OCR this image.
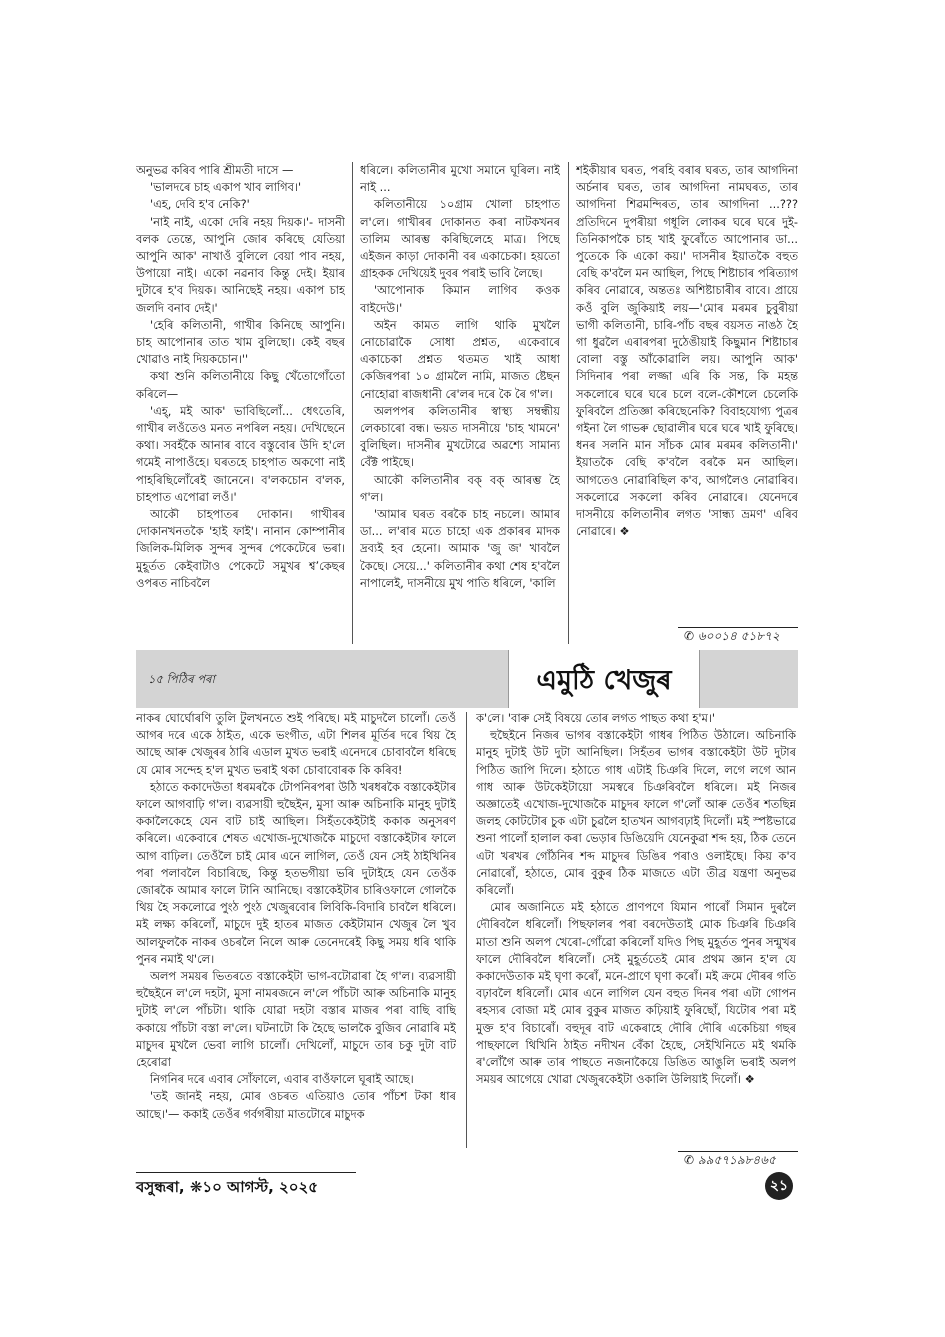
অনুভৱ কৰিব পাৰি শ্ৰীমতী দাসে —

'ভালদৰে চাহ একাপ খাব লাগিব।'

'এহ, দেবি হ'ব নেকি?'

'নাই নাই, একো দেৰি নহয় দিয়ক।'- দাসনী বলক তেন্তে, আপুনি জোৰ কৰিছে যেতিয়া আপুনি আক' নাখাওঁ বুলিলে বেয়া পাব নহয়, উপায়ো নাই। একো নৱনাব কিন্তু দেই। ইয়াৰ দুটাৰে হ'ব দিয়ক। আনিছেই নহয়। একাপ চাহ জলদি বনাব দেই।'

'হেৰি কলিতানী, গাখীৰ কিনিছে আপুনি। চাহ আপোনাৰ তাত খাম বুলিছো। কেই বছৰ খোৱাও নাই দিয়কচোন।''

কথা শুনি কলিতানীয়ে কিছু খেঁতোগোঁতো কৰিলে—

'এহ্, মই আক' ভাবিছিলোঁ... ধেৎতেৰি, গাখীৰ লওঁতেও মনত নপৰিল নহয়। দেখিছেনে কথা। সবহঁকৈ আনাৰ বাবে বস্তুবোৰ উদি হ'লে গমেই নাপাওঁহে। ঘৰতহে চাহপাত অকণো নাই পাহৰিছিলোঁৰেই জানেনে। ব'লকচোন ব'লক, চাহপাত এপোৱা লওঁ।'

আকৌ চাহপাতৰ দোকান। গাখীৰৰ দোকানখনতকৈ 'হাই ফাই'। নানান কোম্পানীৰ জিলিক-মিলিক সুন্দৰ সুন্দৰ পেকেটেৰে ভৰা। মুহূৰ্তত কেইবাটাও পেকেটে সমুখৰ শ্বʼকেছৰ ওপৰত নাচিবলৈ

ধৰিলে। কলিতানীৰ মুখো সমানে ঘূৰিল। নাই নাই ...

কলিতানীয়ে ১০গ্ৰাম খোলা চাহপাত ল'লে। গাখীৰৰ দোকানত কৰা নাটকখনৰ তালিম আৰম্ভ কৰিছিলেহে মাত্ৰ। পিছে এইজন কাড়া দোকানী বৰ একাচেকা। হয়তো গ্ৰাহকক দেখিয়েই দুবৰ পৰাই ভাবি লৈছে।

'আপোনাক কিমান লাগিব কওক বাইদেউ।'

অইন কামত লাগি থাকি মুখলৈ নোচোৱাকৈ সোধা প্ৰশ্নত, একেবাৰে একাচেকা প্ৰশ্নত থতমত খাই আধা কেজিৰপৰা ১০ গ্ৰামলৈ নামি, মাজত ষ্টেছন নোহোৱা ৰাজধানী ৰে'লৰ দৰে কৈ ৰৈ গ'ল।

অলপপৰ কলিতানীৰ স্বাস্থ্য সম্বন্ধীয় লেকচাৰো বন্ধ। ভয়ত দাসনীয়ে 'চাহ খামনে' বুলিছিল। দাসনীৰ মুখটোৱে অৱশ্যে সামান্য বেঁক্ট পাইছে।

আকৌ কলিতানীৰ বক্ বক্ আৰম্ভ হৈ গ'ল।

'আমাৰ ঘৰত বৰকৈ চাহ নচলে। আমাৰ ডা... ল'ৰাৰ মতে চাহো এক প্ৰকাৰৰ মাদক দ্ৰব্যই হব হেনো। আমাক 'জু জ' খাবলৈ কৈছে। সেয়ে...' কলিতানীৰ কথা শেষ হ'বলৈ নাপালেই, দাসনীয়ে মুখ পাতি ধৰিলে, 'কালি

শইকীয়াৰ ঘৰত, পৰহি বৰাৰ ঘৰত, তাৰ আগদিনা অৰ্চনাৰ ঘৰত, তাৰ আগদিনা নামঘৰত, তাৰ আগদিনা শিৱমন্দিৰত, তাৰ আগদিনা ...??? প্ৰতিদিনে দুপৰীয়া গধূলি লোকৰ ঘৰে ঘৰে দুই-তিনিকাপকৈ চাহ খাই ফুৰোঁতে আপোনাৰ ডা... পুতেকে কি একো কয়।' দাসনীৰ ইয়াতকৈ বহুত বেছি ক'বলৈ মন আছিল, পিছে শিষ্টাচাৰ পৰিত্যাগ কৰিব নোৱাৰে, অন্ততঃ অশিষ্টাচাৰীৰ বাবে। প্ৰায়ে কওঁ বুলি জুকিয়াই লয়—'মোৰ মৰমৰ চুবুৰীয়া ভাগী কলিতানী, চাৰি-পাঁচ বছৰ বয়সত নাঙঠ হৈ গা ধুৱলৈ এৰাৰপৰা দুঠেঙীয়াই কিছুমান শিষ্টাচাৰ বোলা বস্তু আঁকোৱালি লয়। আপুনি আক' সিদিনাৰ পৰা লজ্জা এৰি কি সন্ত, কি মহন্ত সকলোৰে ঘৰে ঘৰে চলে বলে-কৌশলে চেলেকি ফুৰিবলৈ প্ৰতিজ্ঞা কৰিছেনেকি? বিবাহযোগ্য পুত্ৰৰ গইনা লৈ গাভৰু ছোৱালীৰ ঘৰে ঘৰে খাই ফুৰিছে। ধনৰ সলনি মান সাঁচক মোৰ মৰমৰ কলিতানী।' ইয়াতকৈ বেছি ক'বলৈ বৰকৈ মন আছিল। আগতেও নোৱাৰিছিল ক'ব, আগলৈও নোৱাৰিব। সকলোৱে সকলো কৰিব নোৱাৰে। যেনেদৰে দাসনীয়ে কলিতানীৰ লগত 'সান্ধ্য ভ্ৰমণ' এৰিব নোৱাৰে। ❖

✆ ৬০০১৪ ৫১৮৭২
১৫ পিঠিৰ পৰা	এমুঠি খেজুৰ

নাকৰ ঘোৰ্ঘোৰণি তুলি টুলখনতে শুই পৰিছে। মই মাচুদলৈ চালোঁ। তেওঁ আগৰ দৰে একে ঠাইত, একে ভংগীত, এটা শিলৰ মূৰ্তিৰ দৰে থিয় হৈ আছে আৰু খেজুৰৰ ঠাৰি এডাল মুখত ভৰাই এনেদৰে চোবাবলৈ ধৰিছে যে মোৰ সন্দেহ হ'ল মুখত ভৰাই থকা চোবাবোৰক কি কৰিব!

হঠাতে ককাদেউতা ধৰমৰকৈ টোপনিৰপৰা উঠি খৰধৰকৈ বস্তাকেইটাৰ ফালে আগবাঢ়ি গ'ল। ব্যৱসায়ী হুছৈইন, মুসা আৰু অচিনাকি মানুহ দুটাই ককালৈকেহে যেন বাট চাই আছিল। সিহঁতকেইটাই ককাক অনুসৰণ কৰিলে। একেবাৰে শেষত এখোজ-দুখোজকৈ মাচুদো বস্তাকেইটাৰ ফালে আগ বাঢ়িল। তেওঁলৈ চাই মোৰ এনে লাগিল, তেওঁ যেন সেই ঠাইখিনিৰ পৰা পলাবলৈ বিচাৰিছে, কিন্তু হতভগীয়া ভৰি দুটাইহে যেন তেওঁক জোৰকৈ আমাৰ ফালে টানি আনিছে। বস্তাকেইটাৰ চাৰিওফালে গোলকৈ থিয় হৈ সকলোৱে পুংঠ পুংঠ খেজুৰবোৰ লিবিকি-বিদাৰি চাবলৈ ধৰিলে। মই লক্ষ্য কৰিলোঁ, মাচুদে দুই হাতৰ মাজত কেইটামান খেজুৰ লৈ খুব আলফুলকৈ নাকৰ ওচৰলৈ নিলে আৰু তেনেদৰেই কিছু সময় ধৰি থাকি পুনৰ নমাই থ'লে।

অলপ সময়ৰ ভিতৰতে বস্তাকেইটা ভাগ-বটোৱাৰা হৈ গ'ল। ব্যৱসায়ী হুছৈইনে ল'লে দহটা, মুসা নামৰজনে ল'লে পাঁচটা আৰু অচিনাকি মানুহ দুটাই ল'লে পাঁচটা। থাকি যোৱা দহটা বস্তাৰ মাজৰ পৰা বাছি বাছি ককায়ে পাঁচটা বস্তা ল'লে। ঘটনাটো কি হৈছে ভালকৈ বুজিব নোৱাৰি মই মাচুদৰ মুখলৈ ভেবা লাগি চালোঁ। দেখিলোঁ, মাচুদে তাৰ চকু দুটা বাট হেৰোৱা

নিগনিৰ দৰে এবাৰ সোঁফালে, এবাৰ বাওঁফালে ঘূৰাই আছে।

'তই জানই নহয়, মোৰ ওচৰত এতিয়াও তোৰ পাঁচশ টকা ধাৰ আছে।'— ককাই তেওঁৰ গৰ্বগৰীয়া মাতটোৰে মাচুদক

ক'লে। 'বাৰু সেই বিষয়ে তোৰ লগত পাছত কথা হ'ম।'

হুছৈইনে নিজৰ ভাগৰ বস্তাকেইটা গাধৰ পিঠিত উঠালে। অচিনাকি মানুহ দুটাই উট দুটা আনিছিল। সিহঁতৰ ভাগৰ বস্তাকেইটা উট দুটাৰ পিঠিত জাপি দিলে। হঠাতে গাধ এটাই চিঞৰি দিলে, লগে লগে আন গাধ আৰু উটকেইটায়ো সমস্বৰে চিঞৰিবলৈ ধৰিলে। মই নিজৰ অজ্ঞাতেই এখোজ-দুখোজকৈ মাচুদৰ ফালে গ'লোঁ আৰু তেওঁৰ শতছিন্ন জলহ কোটটোৰ চুক এটা চুৱলৈ হাতখন আগবঢ়াই দিলোঁ। মই স্পষ্টভাৱে শুনা পালোঁ হালাল কৰা ভেড়াৰ ডিঙিয়েদি যেনেকুৱা শব্দ হয়, ঠিক তেনে এটা খৰখৰ গোঁঠনিৰ শব্দ মাচুদৰ ডিঙিৰ পৰাও ওলাইছে। কিয় ক'ব নোৱাৰোঁ, হঠাতে, মোৰ বুকুৰ ঠিক মাজতে এটা তীব্ৰ যন্ত্ৰণা অনুভৱ কৰিলোঁ।

মোৰ অজানিতে মই হঠাতে প্ৰাণপণে যিমান পাৰোঁ সিমান দুৰলৈ দৌৰিবলৈ ধৰিলোঁ। পিছফালৰ পৰা বৰদেউতাই মোক চিঞৰি চিঞৰি মাতা শুনি অলপ খেৰো-গোঁৱো কৰিলোঁ যদিও পিছ মুহূৰ্তত পুনৰ সন্মুখৰ ফালে দৌৰিবলৈ ধৰিলোঁ। সেই মুহূৰ্ততেই মোৰ প্ৰথম জ্ঞান হ'ল যে ককাদেউতাক মই ঘৃণা কৰোঁ, মনে-প্ৰাণে ঘৃণা কৰোঁ। মই ক্ৰমে দৌৰৰ গতি বঢ়াবলৈ ধৰিলোঁ। মোৰ এনে লাগিল যেন বহুত দিনৰ পৰা এটা গোপন ৰহস্যৰ বোজা মই মোৰ বুকুৰ মাজত কঢ়িয়াই ফুৰিছোঁ, যিটোৰ পৰা মই মুক্ত হ'ব বিচাৰোঁ। বহুদূৰ বাট একেৰাহে দৌৰি দৌৰি একেচিয়া গছৰ পাছফালে থিখিনি ঠাইত নদীখন বেঁকা হৈছে, সেইখিনিতে মই থমকি ৰ'লোঁগৈ আৰু তাৰ পাছতে নজনাকৈয়ে ডিঙিত আঙুলি ভৰাই অলপ সময়ৰ আগেয়ে খোৱা খেজুৰকেইটা ওকালি উলিয়াই দিলোঁ। ❖

✆ ৯৯৫৭১৯৮৪৬৫
বসুন্ধৰা, ❋১০ আগস্ট, ২০২৫	২১
